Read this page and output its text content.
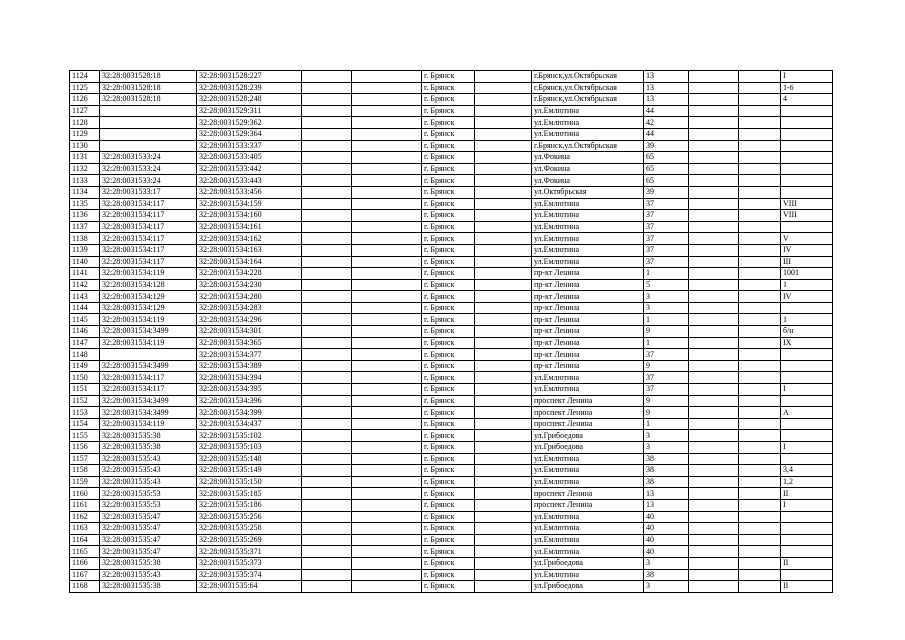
1124	32:28:0031528:18	32:28:0031528:227			г. Брянск		г.Брянск,ул.Октябрьская	13			I
1125	32:28:0031528:18	32:28:0031528:239			г. Брянск		г.Брянск,ул.Октябрьская	13			1-6
1126	32:28:0031528:18	32:28:0031528:248			г. Брянск		г.Брянск,ул.Октябрьская	13			4
1127		32:28:0031529:311			г. Брянск		ул.Емлютина	44			
1128		32:28:0031529:362			г. Брянск		ул.Емлютина	42			
1129		32:28:0031529:364			г. Брянск		ул.Емлютина	44			
1130		32:28:0031533:337			г. Брянск		г.Брянск,ул.Октябрьская	39			
1131	32:28:0031533:24	32:28:0031533:405			г. Брянск		ул.Фокина	65			
1132	32:28:0031533:24	32:28:0031533:442			г. Брянск		ул.Фокина	65			
1133	32:28:0031533:24	32:28:0031533:443			г. Брянск		ул.Фокина	65			
1134	32:28:0031533:17	32:28:0031533:456			г. Брянск		ул.Октябрьская	39			
1135	32:28:0031534:117	32:28:0031534:159			г. Брянск		ул.Емлютина	37			VIII
1136	32:28:0031534:117	32:28:0031534:160			г. Брянск		ул.Емлютина	37			VIII
1137	32:28:0031534:117	32:28:0031534:161			г. Брянск		ул.Емлютина	37			
1138	32:28:0031534:117	32:28:0031534:162			г. Брянск		ул.Емлютина	37			V
1139	32:28:0031534:117	32:28:0031534:163			г. Брянск		ул.Емлютина	37			IV
1140	32:28:0031534:117	32:28:0031534:164			г. Брянск		ул.Емлютина	37			III
1141	32:28:0031534:119	32:28:0031534:228			г. Брянск		пр-кт Ленина	1			1001
1142	32:28:0031534:128	32:28:0031534:230			г. Брянск		пр-кт Ленина	5			1
1143	32:28:0031534:129	32:28:0031534:280			г. Брянск		пр-кт Ленина	3			IV
1144	32:28:0031534:129	32:28:0031534:283			г. Брянск		пр-кт Ленина	3			
1145	32:28:0031534:119	32:28:0031534:296			г. Брянск		пр-кт Ленина	1			1
1146	32:28:0031534:3499	32:28:0031534:301			г. Брянск		пр-кт Ленина	9			б/н
1147	32:28:0031534:119	32:28:0031534:365			г. Брянск		пр-кт Ленина	1			IX
1148		32:28:0031534:377			г. Брянск		пр-кт Ленина	37			
1149	32:28:0031534:3499	32:28:0031534:389			г. Брянск		пр-кт Ленина	9			
1150	32:28:0031534:117	32:28:0031534:394			г. Брянск		ул.Емлютина	37			
1151	32:28:0031534:117	32:28:0031534:395			г. Брянск		ул.Емлютина	37			I
1152	32:28:0031534:3499	32:28:0031534:396			г. Брянск		проспект Ленина	9			
1153	32:28:0031534:3499	32:28:0031534:399			г. Брянск		проспект Ленина	9			А
1154	32:28:0031534:119	32:28:0031534:437			г. Брянск		проспект Ленина	1			
1155	32:28:0031535:38	32:28:0031535:102			г. Брянск		ул.Грибоедова	3			
1156	32:28:0031535:38	32:28:0031535:103			г. Брянск		ул.Грибоедова	3			I
1157	32:28:0031535:43	32:28:0031535:148			г. Брянск		ул.Емлютина	38			
1158	32:28:0031535:43	32:28:0031535:149			г. Брянск		ул.Емлютина	38			3,4
1159	32:28:0031535:43	32:28:0031535:150			г. Брянск		ул.Емлютина	38			1,2
1160	32:28:0031535:53	32:28:0031535:185			г. Брянск		проспект Ленина	13			II
1161	32:28:0031535:53	32:28:0031535:186			г. Брянск		проспект Ленина	13			I
1162	32:28:0031535:47	32:28:0031535:256			г. Брянск		ул.Емлютина	40			
1163	32:28:0031535:47	32:28:0031535:258			г. Брянск		ул.Емлютина	40			
1164	32:28:0031535:47	32:28:0031535:269			г. Брянск		ул.Емлютина	40			
1165	32:28:0031535:47	32:28:0031535:371			г. Брянск		ул.Емлютина	40			
1166	32:28:0031535:38	32:28:0031535:373			г. Брянск		ул.Грибоедова	3			II
1167	32:28:0031535:43	32:28:0031535:374			г. Брянск		ул.Емлютина	38			
1168	32:28:0031535:38	32:28:0031535:64			г. Брянск		ул.Грибоедова	3			II
